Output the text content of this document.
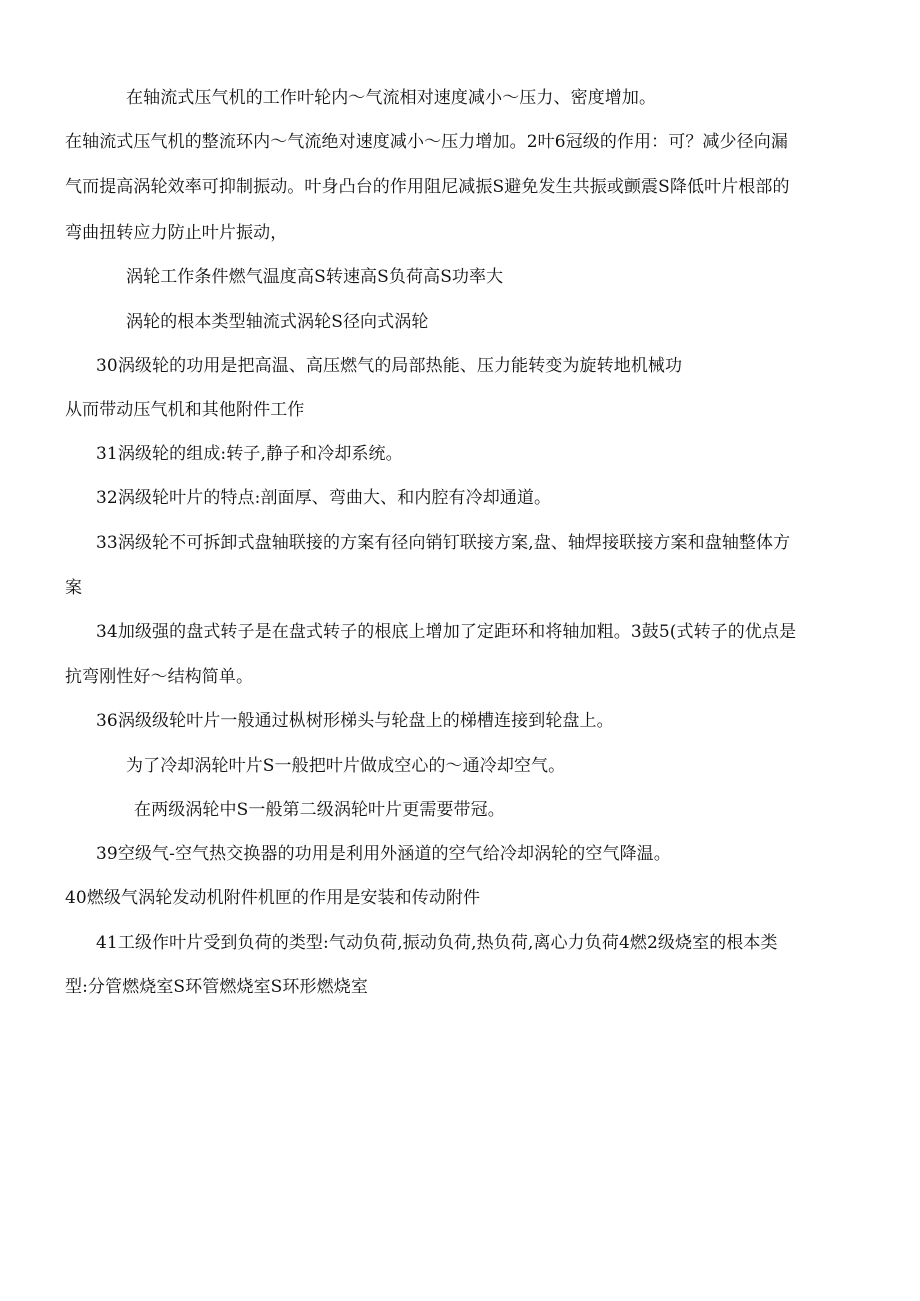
在轴流式压气机的工作叶轮内～气流相对速度减小～压力、密度增加。
在轴流式压气机的整流环内～气流绝对速度减小～压力增加。2叶6冠级的作用：可？减少径向漏
气而提高涡轮效率可抑制振动。叶身凸台的作用阻尼减振S避免发生共振或颤震S降低叶片根部的
弯曲扭转应力防止叶片振动，
涡轮工作条件燃气温度高S转速高S负荷高S功率大
涡轮的根本类型轴流式涡轮S径向式涡轮
30涡级轮的功用是把高温、高压燃气的局部热能、压力能转变为旋转地机械功
从而带动压气机和其他附件工作
31涡级轮的组成:转子,静子和冷却系统。
32涡级轮叶片的特点:剖面厚、弯曲大、和内腔有冷却通道。
33涡级轮不可拆卸式盘轴联接的方案有径向销钉联接方案,盘、轴焊接联接方案和盘轴整体方
案
34加级强的盘式转子是在盘式转子的根底上增加了定距环和将轴加粗。3鼓5(式转子的优点是
抗弯刚性好～结构简单。
36涡级级轮叶片一般通过枞树形梯头与轮盘上的梯槽连接到轮盘上。
为了冷却涡轮叶片S一般把叶片做成空心的～通冷却空气。
在两级涡轮中S一般第二级涡轮叶片更需要带冠。
39空级气-空气热交换器的功用是利用外涵道的空气给冷却涡轮的空气降温。
40燃级气涡轮发动机附件机匣的作用是安装和传动附件
41工级作叶片受到负荷的类型:气动负荷,振动负荷,热负荷,离心力负荷4燃2级烧室的根本类
型:分管燃烧室S环管燃烧室S环形燃烧室
